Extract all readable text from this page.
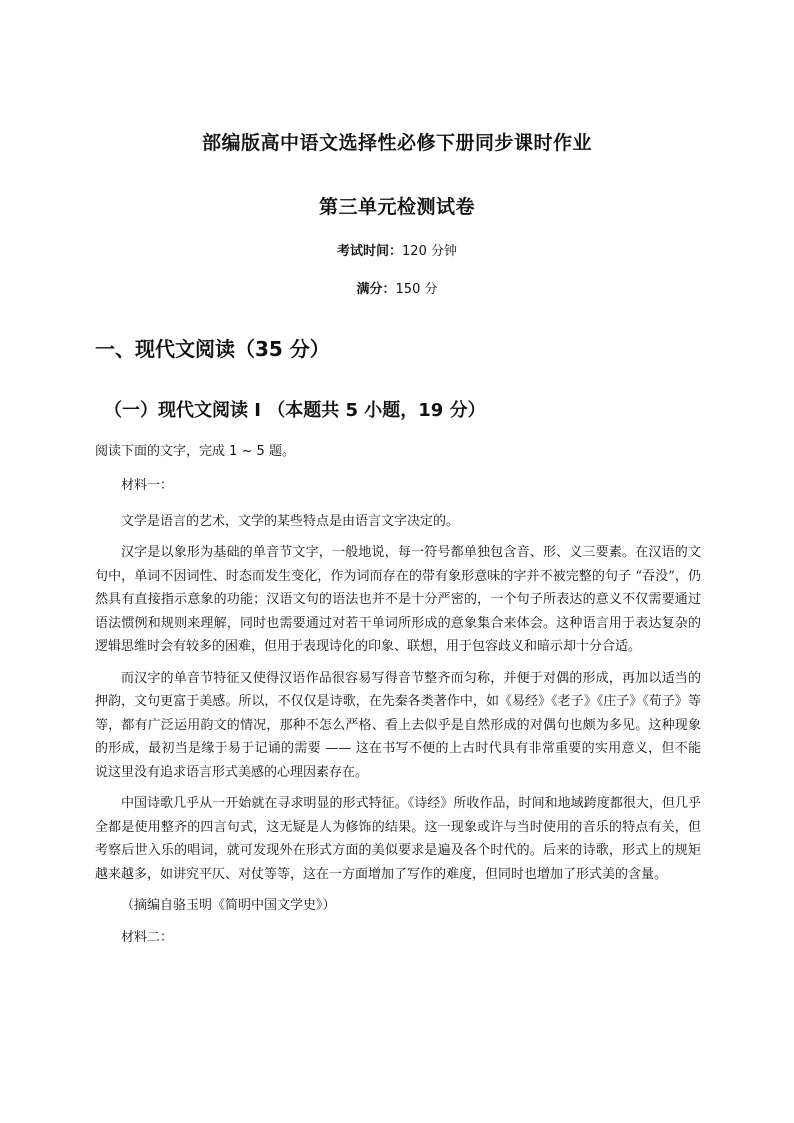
部编版高中语文选择性必修下册同步课时作业
第三单元检测试卷
考试时间：120 分钟
满分：150 分
一、现代文阅读（35 分）
（一）现代文阅读 Ⅰ （本题共 5 小题，19 分）
阅读下面的文字，完成 1 ~ 5 题。

材料一：

文学是语言的艺术，文学的某些特点是由语言文字决定的。

汉字是以象形为基础的单音节文字，一般地说，每一符号都单独包含音、形、义三要素。在汉语的文句中，单词不因词性、时态而发生变化，作为词而存在的带有象形意味的字并不被完整的句子 “吞没”，仍然具有直接指示意象的功能；汉语文句的语法也并不是十分严密的，一个句子所表达的意义不仅需要通过语法惯例和规则来理解，同时也需要通过对若干单词所形成的意象集合来体会。这种语言用于表达复杂的逻辑思维时会有较多的困难，但用于表现诗化的印象、联想，用于包容歧义和暗示却十分合适。

而汉字的单音节特征又使得汉语作品很容易写得音节整齐而匀称，并便于对偶的形成，再加以适当的押韵，文句更富于美感。所以，不仅仅是诗歌，在先秦各类著作中，如《易经》《老子》《庄子》《荀子》等等，都有广泛运用韵文的情况，那种不怎么严格、看上去似乎是自然形成的对偶句也颇为多见。这种现象的形成，最初当是缘于易于记诵的需要 —— 这在书写不便的上古时代具有非常重要的实用意义，但不能说这里没有追求语言形式美感的心理因素存在。

中国诗歌几乎从一开始就在寻求明显的形式特征。《诗经》所收作品，时间和地域跨度都很大，但几乎全都是使用整齐的四言句式，这无疑是人为修饰的结果。这一现象或许与当时使用的音乐的特点有关，但考察后世入乐的唱词，就可发现外在形式方面的美似要求是遍及各个时代的。后来的诗歌，形式上的规矩越来越多，如讲究平仄、对仗等等，这在一方面增加了写作的难度，但同时也增加了形式美的含量。

（摘编自骆玉明《简明中国文学史》）

材料二：
